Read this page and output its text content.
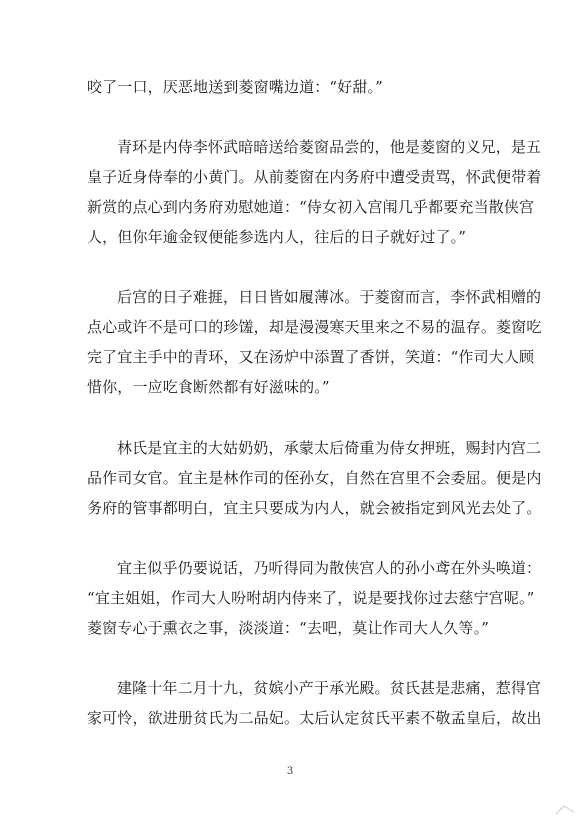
咬了一口，厌恶地送到菱窗嘴边道：“好甜。”

青环是内侍李怀武暗暗送给菱窗品尝的，他是菱窗的义兄，是五
皇子近身侍奉的小黄门。从前菱窗在内务府中遭受责骂，怀武便带着
新赏的点心到内务府劝慰她道：“侍女初入宫闱几乎都要充当散侠宫
人，但你年逾金钗便能参选内人，往后的日子就好过了。”

后宫的日子难捱，日日皆如履薄冰。于菱窗而言，李怀武相赠的
点心或许不是可口的珍馐，却是漫漫寒天里来之不易的温存。菱窗吃
完了宜主手中的青环，又在汤炉中添置了香饼，笑道：“作司大人顾
惜你，一应吃食断然都有好滋味的。”

林氏是宜主的大姑奶奶，承蒙太后倚重为侍女押班，赐封内宫二
品作司女官。宜主是林作司的侄孙女，自然在宫里不会委屈。便是内
务府的管事都明白，宜主只要成为内人，就会被指定到风光去处了。

宜主似乎仍要说话，乃听得同为散侠宫人的孙小鸢在外头唤道：
“宜主姐姐，作司大人吩咐胡内侍来了，说是要找你过去慈宁宫呢。”
菱窗专心于熏衣之事，淡淡道：“去吧，莫让作司大人久等。”

建隆十年二月十九，贫嫔小产于承光殿。贫氏甚是悲痛，惹得官
家可怜，欲进册贫氏为二品妃。太后认定贫氏平素不敬孟皇后，故出

3
